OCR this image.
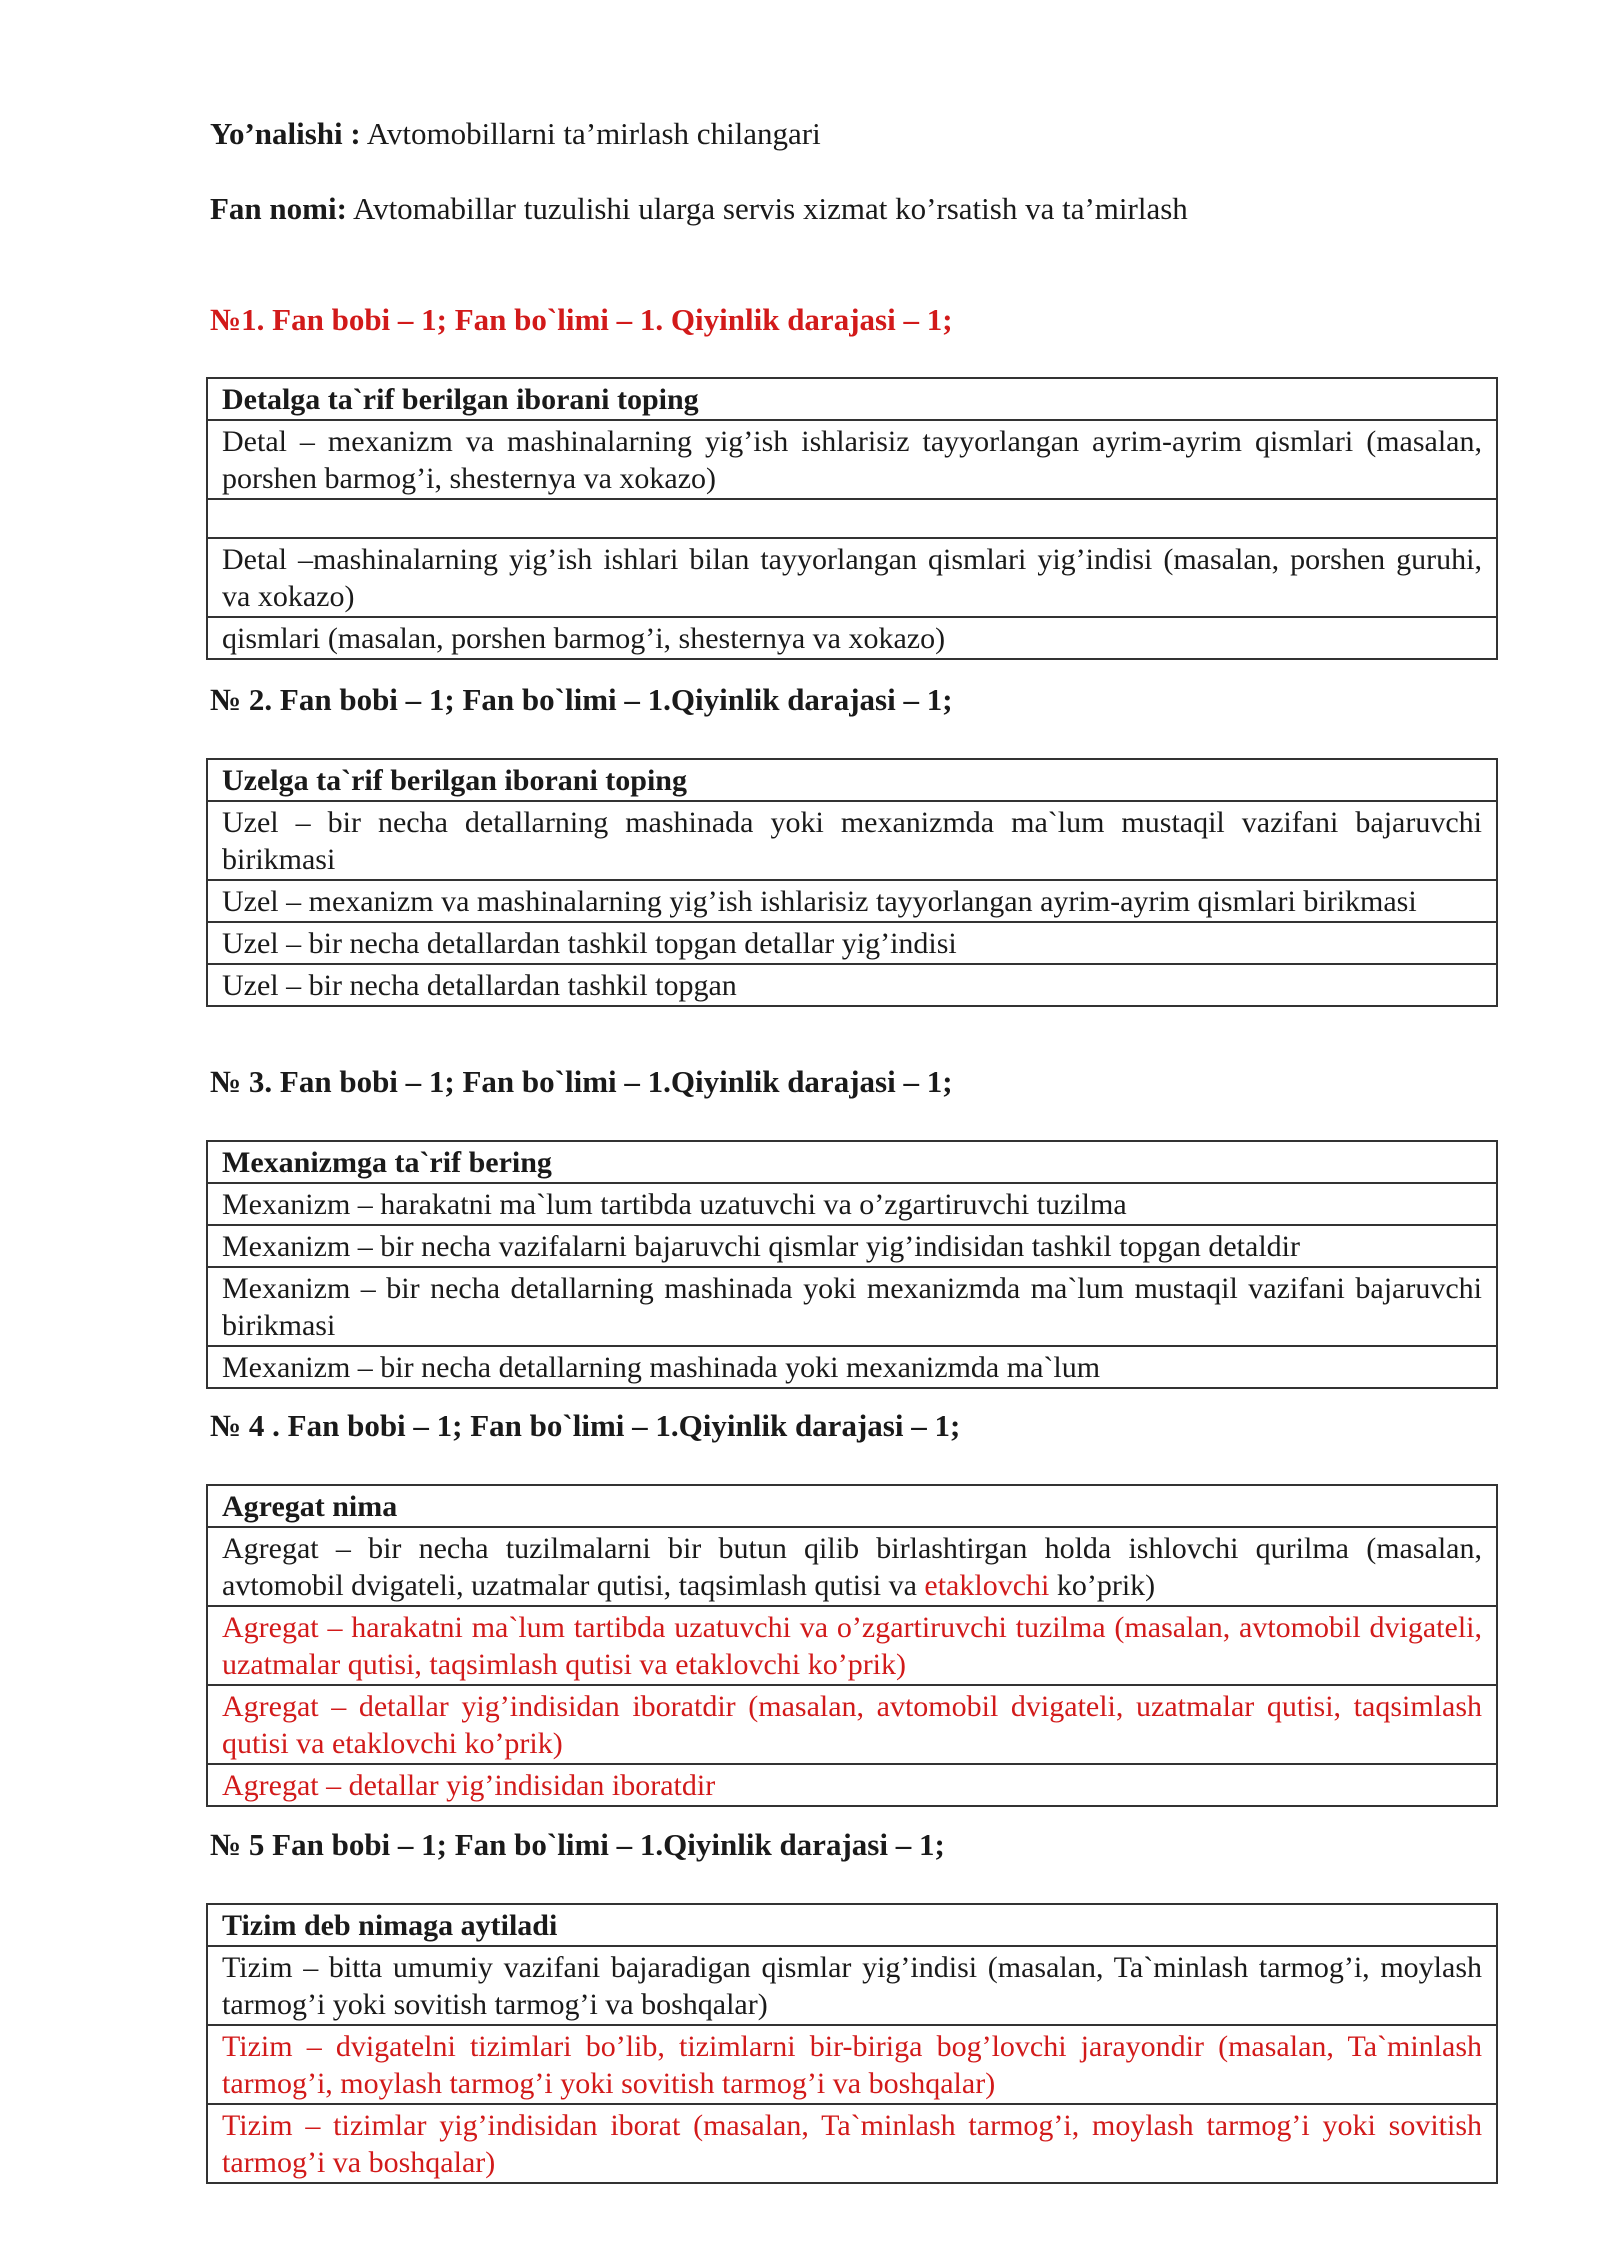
Yo’nalishi : Avtomobillarni ta’mirlash chilangari
Fan nomi: Avtomabillar tuzulishi ularga servis xizmat ko’rsatish va ta’mirlash
№1. Fan bobi – 1; Fan bo`limi – 1. Qiyinlik darajasi – 1;
Detalga ta`rif berilgan iborani toping
Detal – mexanizm va mashinalarning yig’ish ishlarisiz tayyorlangan ayrim-ayrim qismlari (masalan, porshen barmog’i, shesternya va xokazo)

Detal –mashinalarning yig’ish ishlari bilan tayyorlangan qismlari yig’indisi (masalan, porshen guruhi, va xokazo)
qismlari (masalan, porshen barmog’i, shesternya va xokazo)
№ 2. Fan bobi – 1; Fan bo`limi – 1.Qiyinlik darajasi – 1;
Uzelga ta`rif berilgan iborani toping
Uzel – bir necha detallarning mashinada yoki mexanizmda ma`lum mustaqil vazifani bajaruvchi birikmasi
Uzel – mexanizm va mashinalarning yig’ish ishlarisiz tayyorlangan ayrim-ayrim qismlari birikmasi
Uzel – bir necha detallardan tashkil topgan detallar yig’indisi
Uzel – bir necha detallardan tashkil topgan
№ 3. Fan bobi – 1; Fan bo`limi – 1.Qiyinlik darajasi – 1;
Mexanizmga ta`rif bering
Mexanizm – harakatni ma`lum tartibda uzatuvchi va o’zgartiruvchi tuzilma
Mexanizm – bir necha vazifalarni bajaruvchi qismlar yig’indisidan tashkil topgan detaldir
Mexanizm – bir necha detallarning mashinada yoki mexanizmda ma`lum mustaqil vazifani bajaruvchi birikmasi
Mexanizm – bir necha detallarning mashinada yoki mexanizmda ma`lum
№ 4 . Fan bobi – 1; Fan bo`limi – 1.Qiyinlik darajasi – 1;
Agregat nima
Agregat – bir necha tuzilmalarni bir butun qilib birlashtirgan holda ishlovchi qurilma (masalan, avtomobil dvigateli, uzatmalar qutisi, taqsimlash qutisi va etaklovchi ko’prik)
Agregat – harakatni ma`lum tartibda uzatuvchi va o’zgartiruvchi tuzilma (masalan, avtomobil dvigateli, uzatmalar qutisi, taqsimlash qutisi va etaklovchi ko’prik)
Agregat – detallar yig’indisidan iboratdir (masalan, avtomobil dvigateli, uzatmalar qutisi, taqsimlash qutisi va etaklovchi ko’prik)
Agregat – detallar yig’indisidan iboratdir
№ 5 Fan bobi – 1; Fan bo`limi – 1.Qiyinlik darajasi – 1;
Tizim deb nimaga aytiladi
Tizim – bitta umumiy vazifani bajaradigan qismlar yig’indisi (masalan, Ta`minlash tarmog’i, moylash tarmog’i yoki sovitish tarmog’i va boshqalar)
Tizim – dvigatelni tizimlari bo’lib, tizimlarni bir-biriga bog’lovchi jarayondir (masalan, Ta`minlash tarmog’i, moylash tarmog’i yoki sovitish tarmog’i va boshqalar)
Tizim – tizimlar yig’indisidan iborat (masalan, Ta`minlash tarmog’i, moylash tarmog’i yoki sovitish tarmog’i va boshqalar)
